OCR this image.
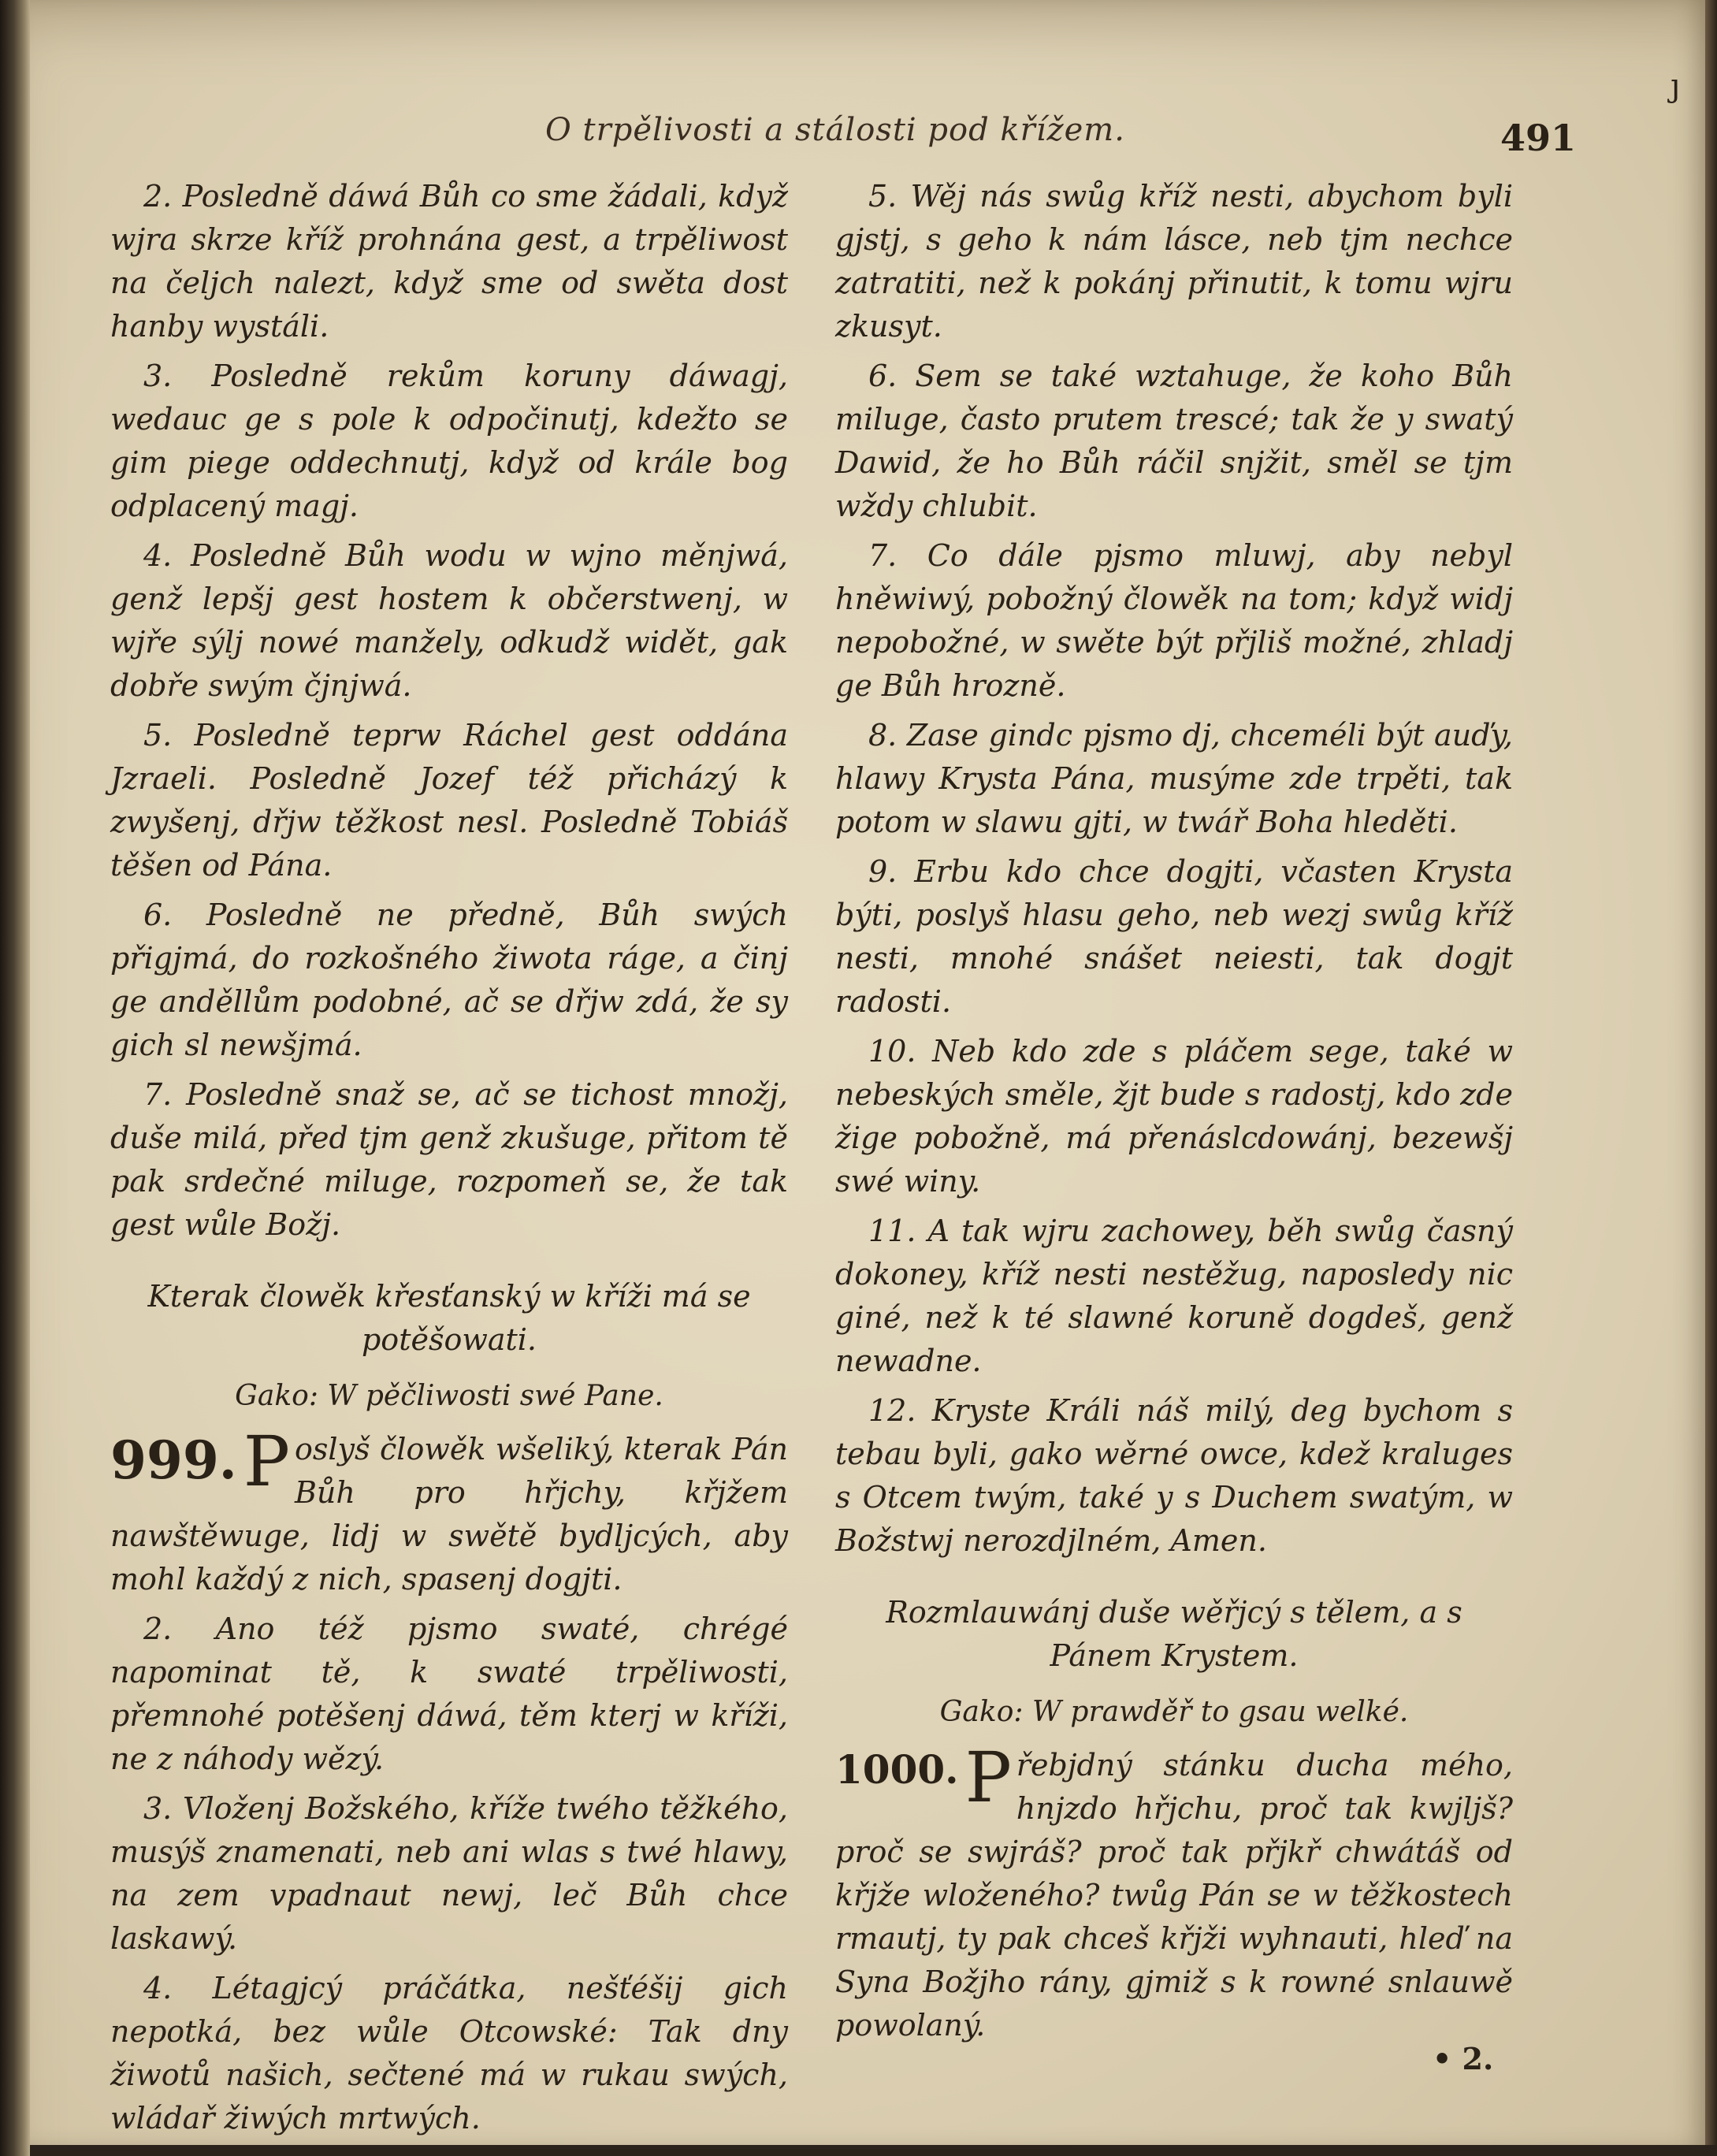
O trpělivosti a stálosti pod křížem.	491
ȷ

2. Posledně dáwá Bůh co sme žádali, když wjra skrze kříž prohnána gest, a trpěliwost na čeljch nalezt, když sme od swěta dost hanby wystáli.

3. Posledně rekům koruny dáwagj, wedauc ge s pole k odpočinutj, kdežto se gim piege oddechnutj, když od krále bog odplacený magj.

4. Posledně Bůh wodu w wjno měnjwá, genž lepšj gest hostem k občerstwenj, w wjře sýlj nowé manžely, odkudž widět, gak dobře swým čjnjwá.

5. Posledně teprw Ráchel gest oddána Jzraeli. Posledně Jozef též přicházý k zwyšenj, dřjw těžkost nesl. Posledně Tobiáš těšen od Pána.

6. Posledně ne předně, Bůh swých přigjmá, do rozkošného žiwota ráge, a činj ge anděllům podobné, ač se dřjw zdá, že sy gich sl newšjmá.

7. Posledně snaž se, ač se tichost množj, duše milá, před tjm genž zkušuge, přitom tě pak srdečné miluge, rozpomeň se, že tak gest wůle Božj.

Kterak člowěk křesťanský w kříži má se potěšowati.
Gako: W pěčliwosti swé Pane.
999. P oslyš člowěk wšeliký, kterak Pán Bůh pro hřjchy, křjžem nawštěwuge, lidj w swětě bydljcých, aby mohl každý z nich, spasenj dogjti.

2. Ano též pjsmo swaté, chrégé napominat tě, k swaté trpěliwosti, přemnohé potěšenj dáwá, těm kterj w kříži, ne z náhody wězý.

3. Vloženj Božského, kříže twého těžkého, musýš znamenati, neb ani wlas s twé hlawy, na zem vpadnaut newj, leč Bůh chce laskawý.

4. Létagjcý práčátka, nešťéšij gich nepotká, bez wůle Otcowské: Tak dny žiwotů našich, sečtené má w rukau swých, wládař žiwých mrtwých.

5. Wěj nás swůg kříž nesti, abychom byli gjstj, s geho k nám lásce, neb tjm nechce zatratiti, než k pokánj přinutit, k tomu wjru zkusyt.

6. Sem se také wztahuge, že koho Bůh miluge, často prutem trescé; tak že y swatý Dawid, že ho Bůh ráčil snjžit, směl se tjm wždy chlubit.

7. Co dále pjsmo mluwj, aby nebyl hněwiwý, pobožný člowěk na tom; když widj nepobožné, w swěte být přjliš možné, zhladj ge Bůh hrozně.

8. Zase gindc pjsmo dj, chceméli být auďy, hlawy Krysta Pána, musýme zde trpěti, tak potom w slawu gjti, w twář Boha hleděti.

9. Erbu kdo chce dogjti, včasten Krysta býti, poslyš hlasu geho, neb wezj swůg kříž nesti, mnohé snášet neiesti, tak dogjt radosti.

10. Neb kdo zde s pláčem sege, také w nebeských směle, žjt bude s radostj, kdo zde žige pobožně, má přenáslcdowánj, bezewšj swé winy.

11. A tak wjru zachowey, běh swůg časný dokoney, kříž nesti nestěžug, naposledy nic giné, než k té slawné koruně dogdeš, genž newadne.

12. Kryste Králi náš milý, deg bychom s tebau byli, gako wěrné owce, kdež kraluges s Otcem twým, také y s Duchem swatým, w Božstwj nerozdjlném, Amen.

Rozmlauwánj duše wěřjcý s tělem, a s Pánem Krystem.
Gako: W prawděř to gsau welké.
1000. P řebjdný stánku ducha mého, hnjzdo hřjchu, proč tak kwjljš? proč se swjráš? proč tak přjkř chwátáš od křjže wloženého? twůg Pán se w těžkostech rmautj, ty pak chceš křjži wyhnauti, hleď na Syna Božjho rány, gjmiž s k rowné snlauwě powolaný.
• 2.
